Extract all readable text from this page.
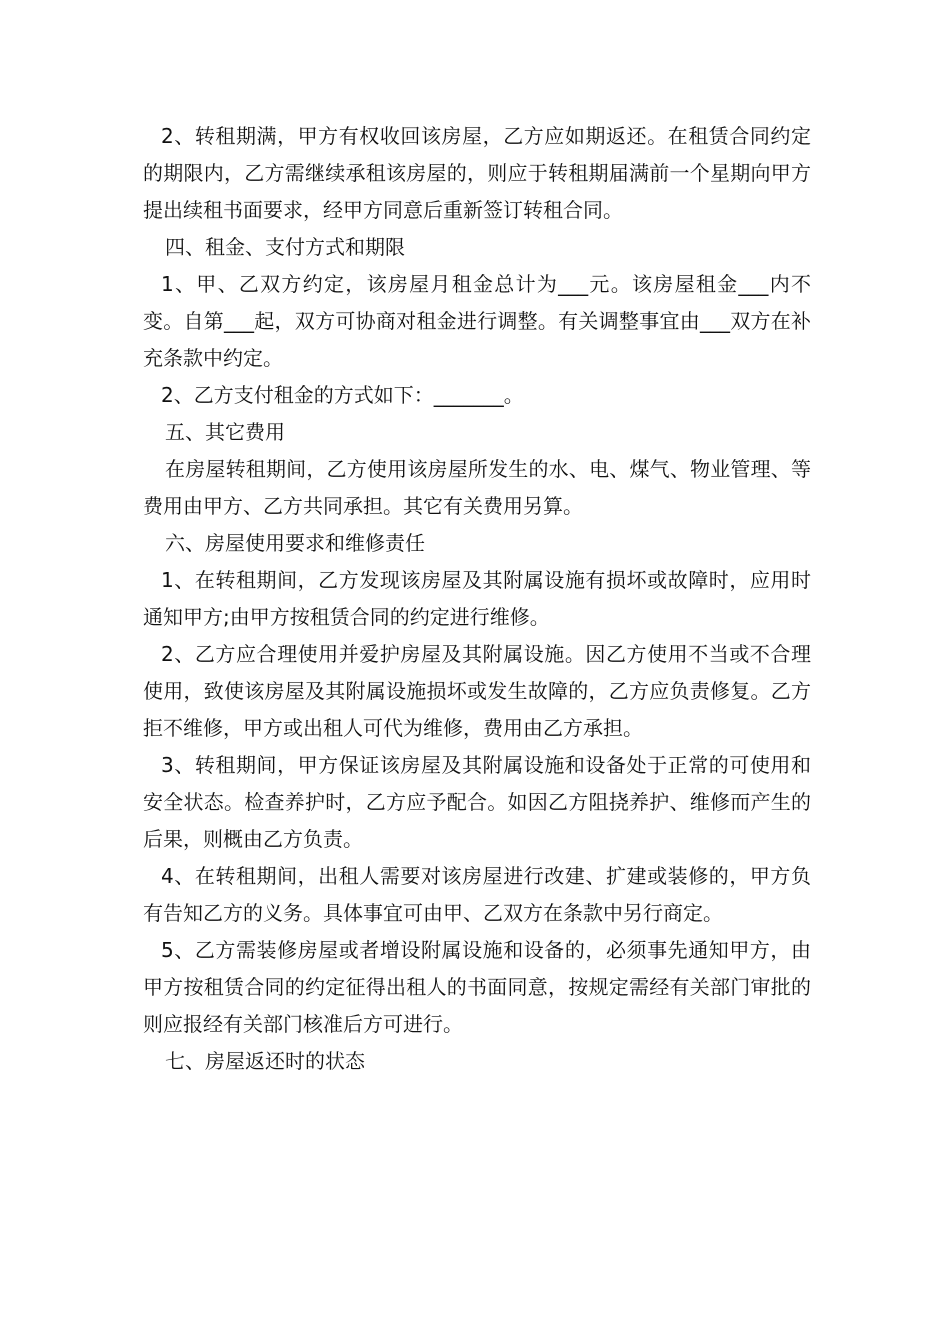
2、转租期满，甲方有权收回该房屋，乙方应如期返还。在租赁合同约定的期限内，乙方需继续承租该房屋的，则应于转租期届满前一个星期向甲方提出续租书面要求，经甲方同意后重新签订转租合同。

四、租金、支付方式和期限

1、甲、乙双方约定，该房屋月租金总计为___元。该房屋租金___内不变。自第___起，双方可协商对租金进行调整。有关调整事宜由___双方在补充条款中约定。

2、乙方支付租金的方式如下：_______。

五、其它费用

在房屋转租期间，乙方使用该房屋所发生的水、电、煤气、物业管理、等费用由甲方、乙方共同承担。其它有关费用另算。

六、房屋使用要求和维修责任

1、在转租期间，乙方发现该房屋及其附属设施有损坏或故障时，应用时通知甲方;由甲方按租赁合同的约定进行维修。

2、乙方应合理使用并爱护房屋及其附属设施。因乙方使用不当或不合理使用，致使该房屋及其附属设施损坏或发生故障的，乙方应负责修复。乙方拒不维修，甲方或出租人可代为维修，费用由乙方承担。

3、转租期间，甲方保证该房屋及其附属设施和设备处于正常的可使用和安全状态。检查养护时，乙方应予配合。如因乙方阻挠养护、维修而产生的后果，则概由乙方负责。

4、在转租期间，出租人需要对该房屋进行改建、扩建或装修的，甲方负有告知乙方的义务。具体事宜可由甲、乙双方在条款中另行商定。

5、乙方需装修房屋或者增设附属设施和设备的，必须事先通知甲方，由甲方按租赁合同的约定征得出租人的书面同意，按规定需经有关部门审批的则应报经有关部门核准后方可进行。

七、房屋返还时的状态
